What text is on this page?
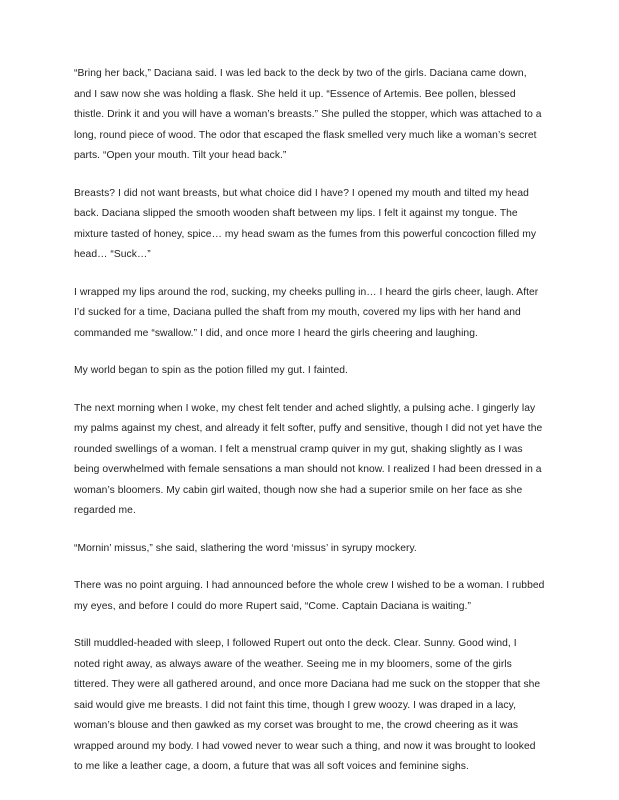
“Bring her back,” Daciana said. I was led back to the deck by two of the girls. Daciana came down, and I saw now she was holding a flask. She held it up. “Essence of Artemis. Bee pollen, blessed thistle. Drink it and you will have a woman’s breasts.” She pulled the stopper, which was attached to a long, round piece of wood. The odor that escaped the flask smelled very much like a woman’s secret parts. “Open your mouth. Tilt your head back.”

Breasts? I did not want breasts, but what choice did I have? I opened my mouth and tilted my head back. Daciana slipped the smooth wooden shaft between my lips. I felt it against my tongue. The mixture tasted of honey, spice… my head swam as the fumes from this powerful concoction filled my head… “Suck…”

I wrapped my lips around the rod, sucking, my cheeks pulling in… I heard the girls cheer, laugh. After I’d sucked for a time, Daciana pulled the shaft from my mouth, covered my lips with her hand and commanded me “swallow.” I did, and once more I heard the girls cheering and laughing.

My world began to spin as the potion filled my gut. I fainted.

The next morning when I woke, my chest felt tender and ached slightly, a pulsing ache. I gingerly lay my palms against my chest, and already it felt softer, puffy and sensitive, though I did not yet have the rounded swellings of a woman. I felt a menstrual cramp quiver in my gut, shaking slightly as I was being overwhelmed with female sensations a man should not know. I realized I had been dressed in a woman’s bloomers. My cabin girl waited, though now she had a superior smile on her face as she regarded me.

“Mornin’ missus,” she said, slathering the word ‘missus’ in syrupy mockery.

There was no point arguing. I had announced before the whole crew I wished to be a woman. I rubbed my eyes, and before I could do more Rupert said, “Come. Captain Daciana is waiting.”

Still muddled-headed with sleep, I followed Rupert out onto the deck. Clear. Sunny. Good wind, I noted right away, as always aware of the weather. Seeing me in my bloomers, some of the girls tittered. They were all gathered around, and once more Daciana had me suck on the stopper that she said would give me breasts. I did not faint this time, though I grew woozy. I was draped in a lacy, woman’s blouse and then gawked as my corset was brought to me, the crowd cheering as it was wrapped around my body. I had vowed never to wear such a thing, and now it was brought to looked to me like a leather cage, a doom, a future that was all soft voices and feminine sighs.
